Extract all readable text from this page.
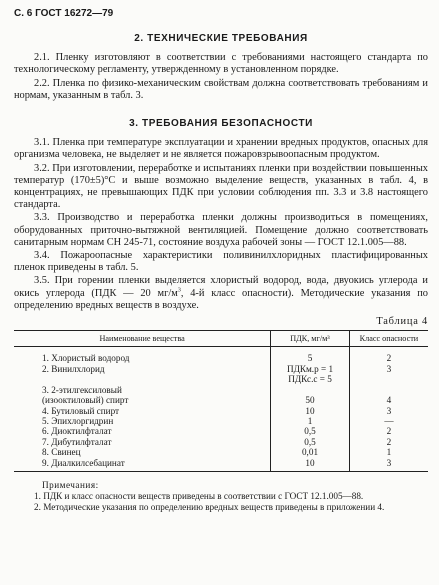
С. 6 ГОСТ 16272—79
2. ТЕХНИЧЕСКИЕ ТРЕБОВАНИЯ

2.1. Пленку изготовляют в соответствии с требованиями настоящего стандарта по технологическому регламенту, утвержденному в установленном порядке.

2.2. Пленка по физико-механическим свойствам должна соответствовать требованиям и нормам, указанным в табл. 3.

3. ТРЕБОВАНИЯ БЕЗОПАСНОСТИ

3.1. Пленка при температуре эксплуатации и хранении вредных продуктов, опасных для организма человека, не выделяет и не является пожаровзрывоопасным продуктом.

3.2. При изготовлении, переработке и испытаниях пленки при воздействии повышенных температур (170±5)°С и выше возможно выделение веществ, указанных в табл. 4, в концентрациях, не превышающих ПДК при условии соблюдения пп. 3.3 и 3.8 настоящего стандарта.

3.3. Производство и переработка пленки должны производиться в помещениях, оборудованных приточно-вытяжной вентиляцией. Помещение должно соответствовать санитарным нормам СН 245-71, состояние воздуха рабочей зоны — ГОСТ 12.1.005—88.

3.4. Пожароопасные характеристики поливинилхлоридных пластифицированных пленок приведены в табл. 5.

3.5. При горении пленки выделяется хлористый водород, вода, двуокись углерода и окись углерода (ПДК — 20 $мг/м^3$, 4-й класс опасности). Методические указания по определению вредных веществ в воздухе.

Таблица 4
Наименование вещества	ПДК, мг/м³	Класс опасности
1. Хлористый водород	5	2
2. Винилхлорид	ПДКм.р = 1	3
	ПДКс.с = 5	
3. 2-этилгексиловый		
(изооктиловый) спирт	50	4
4. Бутиловый спирт	10	3
5. Эпихлоргидрин	1	—
6. Диоктилфталат	0,5	2
7. Дибутилфталат	0,5	2
8. Свинец	0,01	1
9. Диалкилсебацинат	10	3
Примечания:

1. ПДК и класс опасности веществ приведены в соответствии с ГОСТ 12.1.005—88.

2. Методические указания по определению вредных веществ приведены в приложении 4.
